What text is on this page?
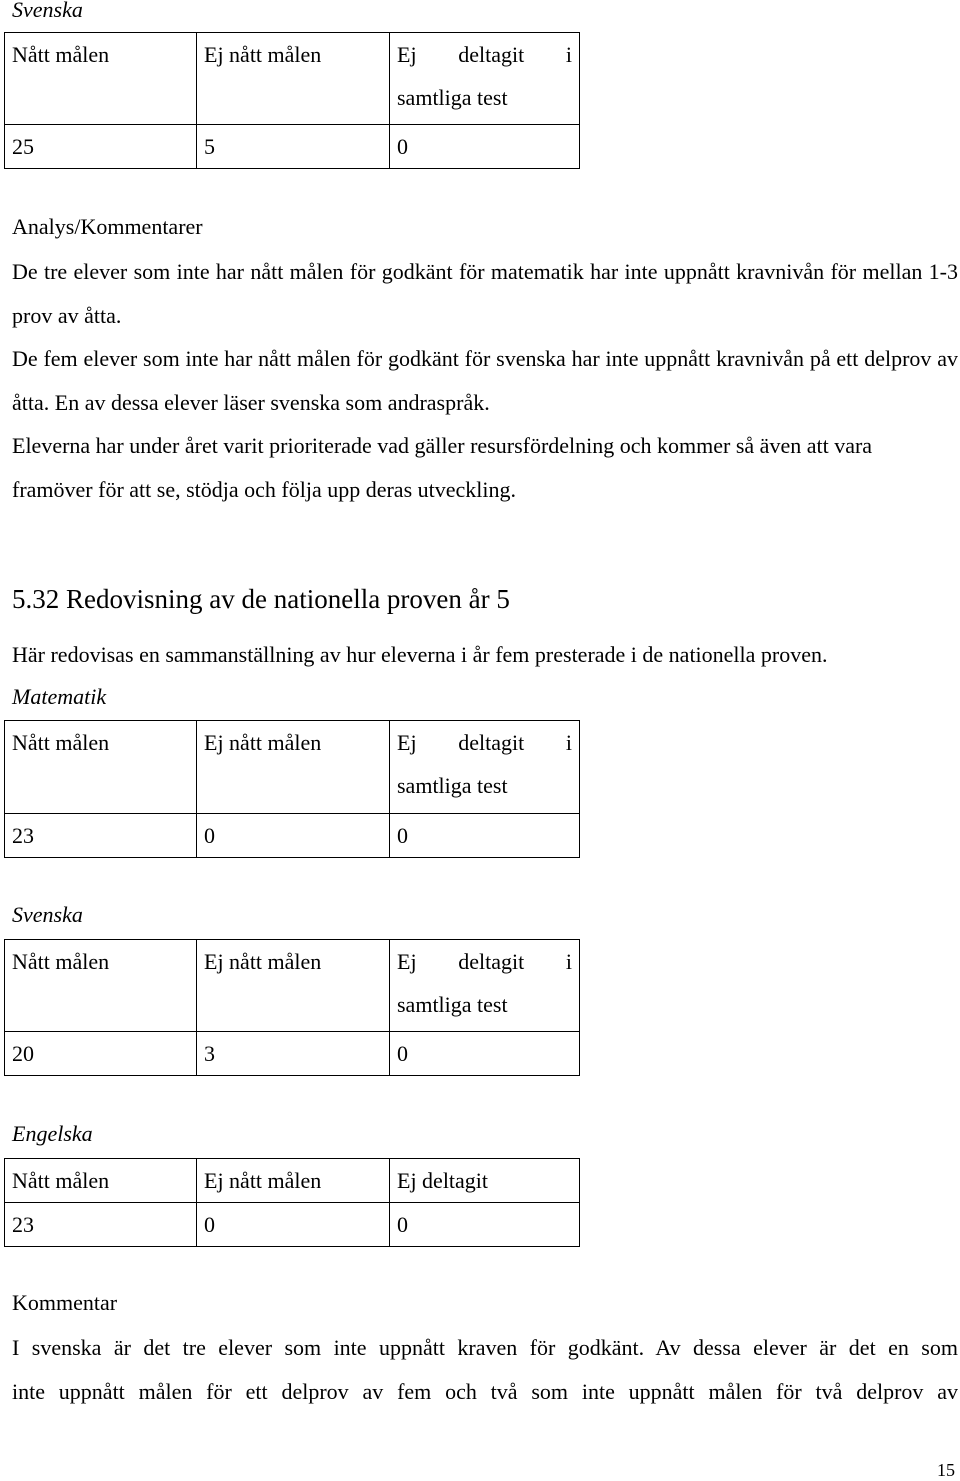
Svenska
Nått målen	Ej nått målen	Ej deltagit i
samtliga test

25	5	0
Analys/Kommentarer

De tre elever som inte har nått målen för godkänt för matematik har inte uppnått kravnivån för mellan 1-3 prov av åtta.

De fem elever som inte har nått målen för godkänt för svenska har inte uppnått kravnivån på ett delprov av åtta. En av dessa elever läser svenska som andraspråk.

Eleverna har under året varit prioriterade vad gäller resursfördelning och kommer så även att vara framöver för att se, stödja och följa upp deras utveckling.

5.32 Redovisning av de nationella proven år 5
Här redovisas en sammanställning av hur eleverna i år fem presterade i de nationella proven.
Matematik
Nått målen	Ej nått målen	Ej deltagit i
samtliga test

23	0	0
Svenska
Nått målen	Ej nått målen	Ej deltagit i
samtliga test

20	3	0
Engelska
Nått målen	Ej nått målen	Ej deltagit
23	0	0
Kommentar

I svenska är det tre elever som inte uppnått kraven för godkänt. Av dessa elever är det en som

inte uppnått målen för ett delprov av fem och två som inte uppnått målen för två delprov av

15
